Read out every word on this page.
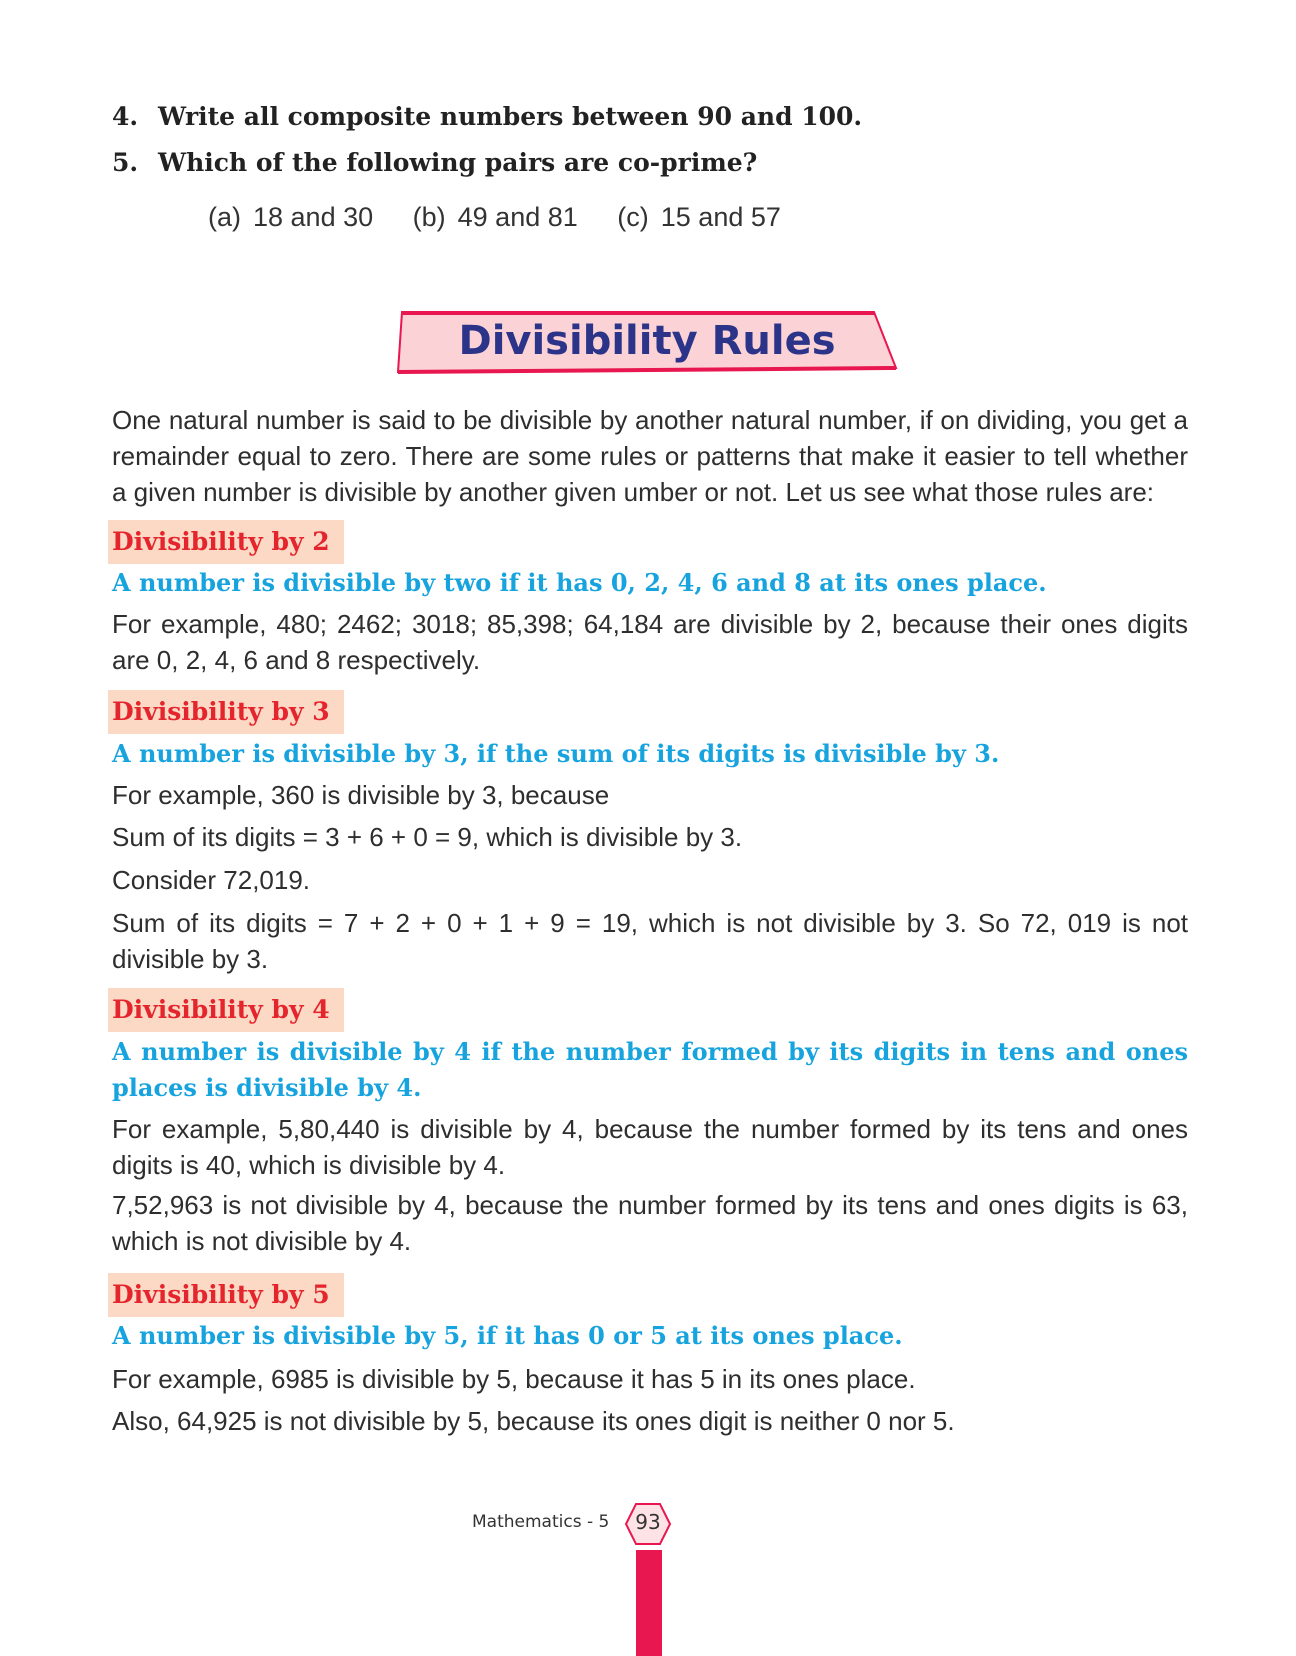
4. Write all composite numbers between 90 and 100.
5. Which of the following pairs are co-prime?
(a) 18 and 30 (b) 49 and 81 (c) 15 and 57
Divisibility Rules
One natural number is said to be divisible by another natural number, if on dividing, you get a remainder equal to zero. There are some rules or patterns that make it easier to tell whether a given number is divisible by another given umber or not. Let us see what those rules are:
Divisibility by 2
A number is divisible by two if it has 0, 2, 4, 6 and 8 at its ones place.
For example, 480; 2462; 3018; 85,398; 64,184 are divisible by 2, because their ones digits are 0, 2, 4, 6 and 8 respectively.
Divisibility by 3
A number is divisible by 3, if the sum of its digits is divisible by 3.
For example, 360 is divisible by 3, because
Sum of its digits = 3 + 6 + 0 = 9, which is divisible by 3.
Consider 72,019.
Sum of its digits = 7 + 2 + 0 + 1 + 9 = 19, which is not divisible by 3. So 72, 019 is not divisible by 3.
Divisibility by 4
A number is divisible by 4 if the number formed by its digits in tens and ones places is divisible by 4.
For example, 5,80,440 is divisible by 4, because the number formed by its tens and ones digits is 40, which is divisible by 4.
7,52,963 is not divisible by 4, because the number formed by its tens and ones digits is 63, which is not divisible by 4.
Divisibility by 5
A number is divisible by 5, if it has 0 or 5 at its ones place.
For example, 6985 is divisible by 5, because it has 5 in its ones place.
Also, 64,925 is not divisible by 5, because its ones digit is neither 0 nor 5.
Mathematics - 5	93
